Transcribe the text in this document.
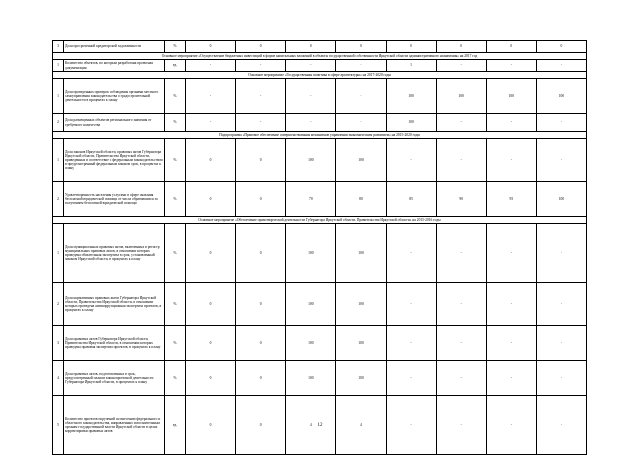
3	Доля просроченной кредиторской задолженности	%	0	0	0	0	0	0	0	0
Основное мероприятие «Осуществление бюджетных инвестиций в форме капитальных вложений в объекты государственной собственности Иркутской области административного назначения» на 2017 год										
1	Количество объектов, по которым разработана проектная документация	ед.	-	-	-	-	1	-	-	-
Основное мероприятие «Государственная политика в сфере архитектуры» на 2017-2020 годы										
1	Доля проведенных проверок соблюдения органами местного самоуправления законодательства о градостроительной деятельности в процентах к плану	%	-	-	-	-	100	100	100	100
2	Доля размещенных объектов регионального значения от требуемого количества	%	-	-	-	-	100	-	-	-
Подпрограмма «Правовое обеспечение совершенствования механизмов управления экономическим развитием» на 2015-2020 годы										
1	Доля законов Иркутской области, правовых актов Губернатора Иркутской области, Правительства Иркутской области, приведенных в соответствие с федеральным законодательством в предусмотренный федеральным законом срок, в процентах к плану	%	0	0	100	100	-	-	-	-
2	Удовлетворенность населения услугами в сфере оказания бесплатной юридической помощи от числа обратившихся за получением бесплатной юридической помощи	%	0	0	70	80	85	90	95	100
Основное мероприятие «Обеспечение правотворческой деятельности Губернатора Иркутской области, Правительства Иркутской области» на 2015-2016 годы										
1	Доля муниципальных правовых актов, включенных в регистр муниципальных правовых актов, в отношении которых проведена обязательная экспертиза в срок, установленный законом Иркутской области, в процентах к плану	%	0	0	100	100	-	-	-	-
2	Доля нормативных правовых актов Губернатора Иркутской области, Правительства Иркутской области, в отношении которых проведена антикоррупционная экспертиза проектов, в процентах к плану	%	0	0	100	100	-	-	-	-
3	Доля правовых актов Губернатора Иркутской области, Правительства Иркутской области, в отношении которых проведена правовая экспертиза проектов, в процентах к плану	%	0	0	100	100	-	-	-	-
4	Доля правовых актов, подготовленных в срок, предусмотренный планом законопроектной деятельности Губернатора Иркутской области, в процентах к плану	%	0	0	100	100	-	-	-	-
5	Количество проектов поручений по внесению федерального и областного законодательства, направленных исполнительным органам государственной власти Иркутской области в целях корректировки правовых актов	ед.	0	0	4	4	-	-	-	-
12
